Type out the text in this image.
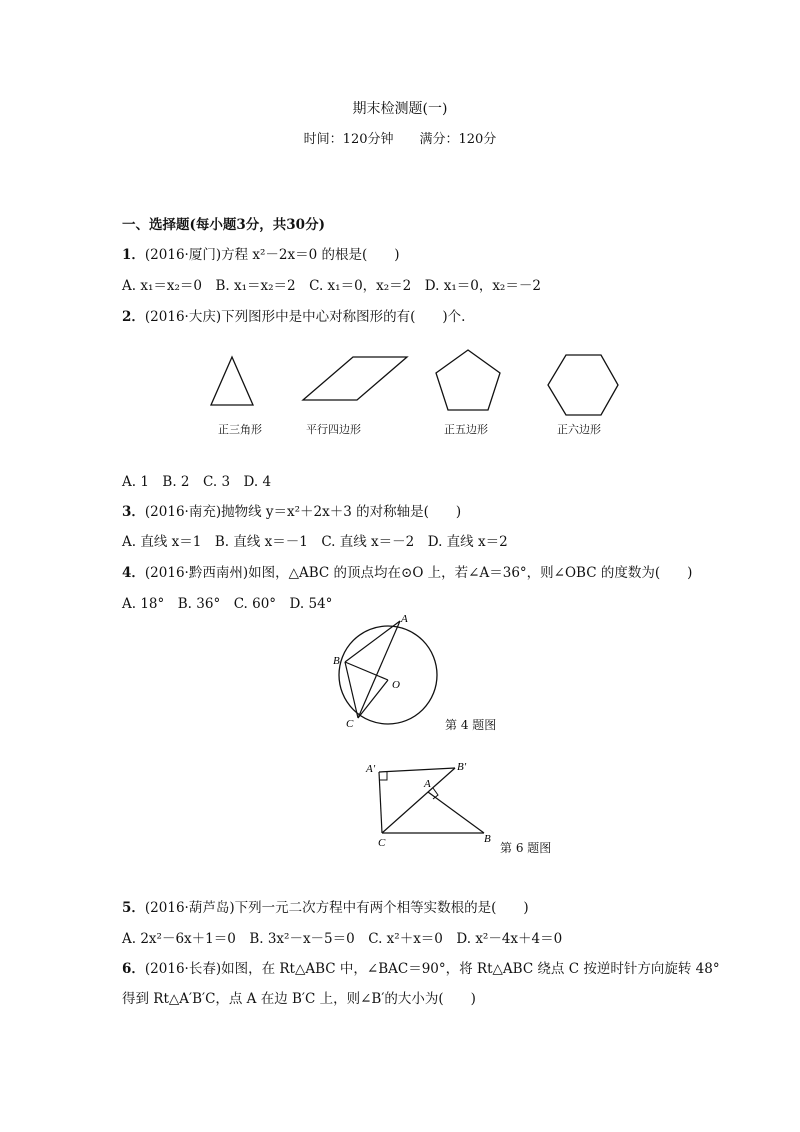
期末检测题(一)
时间：120分钟　　满分：120分
一、选择题(每小题3分，共30分)
1．(2016·厦门)方程 x²－2x＝0 的根是(　　)
A. x₁＝x₂＝0　B. x₁＝x₂＝2　C. x₁＝0，x₂＝2　D. x₁＝0，x₂＝－2
2．(2016·大庆)下列图形中是中心对称图形的有(　　)个.
正三角形	平行四边形	正五边形	正六边形
A. 1　B. 2　C. 3　D. 4
3．(2016·南充)抛物线 y＝x²＋2x＋3 的对称轴是(　　)
A. 直线 x＝1　B. 直线 x＝－1　C. 直线 x＝－2　D. 直线 x＝2
4．(2016·黔西南州)如图，△ABC 的顶点均在⊙O 上，若∠A＝36°，则∠OBC 的度数为(　　)
A. 18°　B. 36°　C. 60°　D. 54°
A
B
C
O
第 4 题图
A′	B′
A
B
C	第 6 题图
5．(2016·葫芦岛)下列一元二次方程中有两个相等实数根的是(　　)
A. 2x²－6x＋1＝0　B. 3x²－x－5＝0　C. x²＋x＝0　D. x²－4x＋4＝0
6．(2016·长春)如图，在 Rt△ABC 中，∠BAC＝90°，将 Rt△ABC 绕点 C 按逆时针方向旋转 48°
得到 Rt△A′B′C，点 A 在边 B′C 上，则∠B′的大小为(　　)
